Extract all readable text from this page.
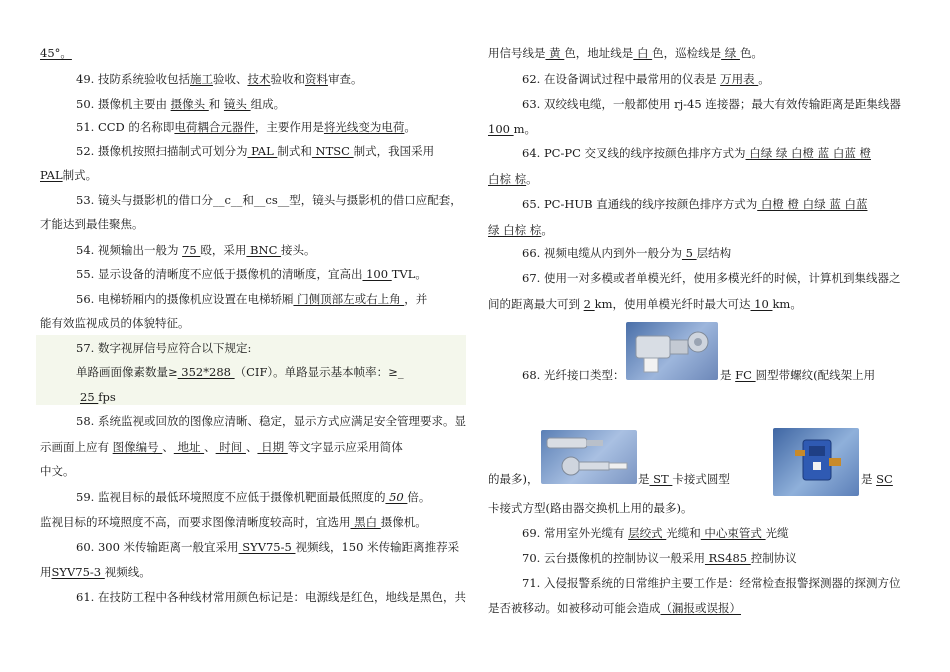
45°。
49. 技防系统验收包括施工验收、技术验收和资料审查。
50. 摄像机主要由 摄像头 和 镜头 组成。
51. CCD 的名称即电荷耦合元器件，主要作用是将光线变为电荷。
52. 摄像机按照扫描制式可划分为 PAL 制式和 NTSC 制式，我国采用
PAL制式。
53. 镜头与摄影机的借口分__c__和__cs__型，镜头与摄影机的借口应配套，
才能达到最佳聚焦。
54. 视频输出一般为 75 殴，采用 BNC 接头。
55. 显示设备的清晰度不应低于摄像机的清晰度，宜高出 100 TVL。
56. 电梯轿厢内的摄像机应设置在电梯轿厢 门侧顶部左或右上角 ，并
能有效监视成员的体貌特征。
57. 数字视屏信号应符合以下规定:
单路画面像素数量≥ 352*288 （CIF）。单路显示基本帧率：≥_
25 fps
58. 系统监视或回放的图像应清晰、稳定，显示方式应满足安全管理要求。显
示画面上应有 图像编号 、 地址 、 时间 、 日期 等文字显示应采用简体
中文。
59. 监视目标的最低环境照度不应低于摄像机靶面最低照度的 50 倍。
监视目标的环境照度不高，而要求图像清晰度较高时，宜选用 黑白 摄像机。
60. 300 米传输距离一般宜采用 SYV75-5 视频线，150 米传输距离推荐采
用SYV75-3 视频线。
61. 在技防工程中各种线材常用颜色标记是：电源线是红色，地线是黑色，共
用信号线是 黄 色，地址线是 白 色，巡检线是 绿 色。
62. 在设备调试过程中最常用的仪表是 万用表 。
63. 双绞线电缆，一般都使用 rj-45 连接器；最大有效传输距离是距集线器
100 m。
64. PC-PC 交叉线的线序按颜色排序方式为 白绿 绿 白橙 蓝 白蓝 橙
白棕 棕。
65. PC-HUB 直通线的线序按颜色排序方式为 白橙 橙 白绿 蓝 白蓝
绿 白棕 棕。
66. 视频电缆从内到外一般分为 5 层结构
67. 使用一对多模或者单模光纤，使用多模光纤的时候，计算机到集线器之
间的距离最大可到 2 km，使用单模光纤时最大可达 10 km。
68. 光纤接口类型：	是 FC 圆型带螺纹(配线架上用
的最多)，	是 ST 卡接式圆型	是 SC
卡接式方型(路由器交换机上用的最多)。
69. 常用室外光缆有 层绞式 光缆和 中心束管式 光缆
70. 云台摄像机的控制协议一般采用 RS485 控制协议
71. 入侵报警系统的日常维护主要工作是：经常检查报警探测器的探测方位
是否被移动。如被移动可能会造成（漏报或误报）
